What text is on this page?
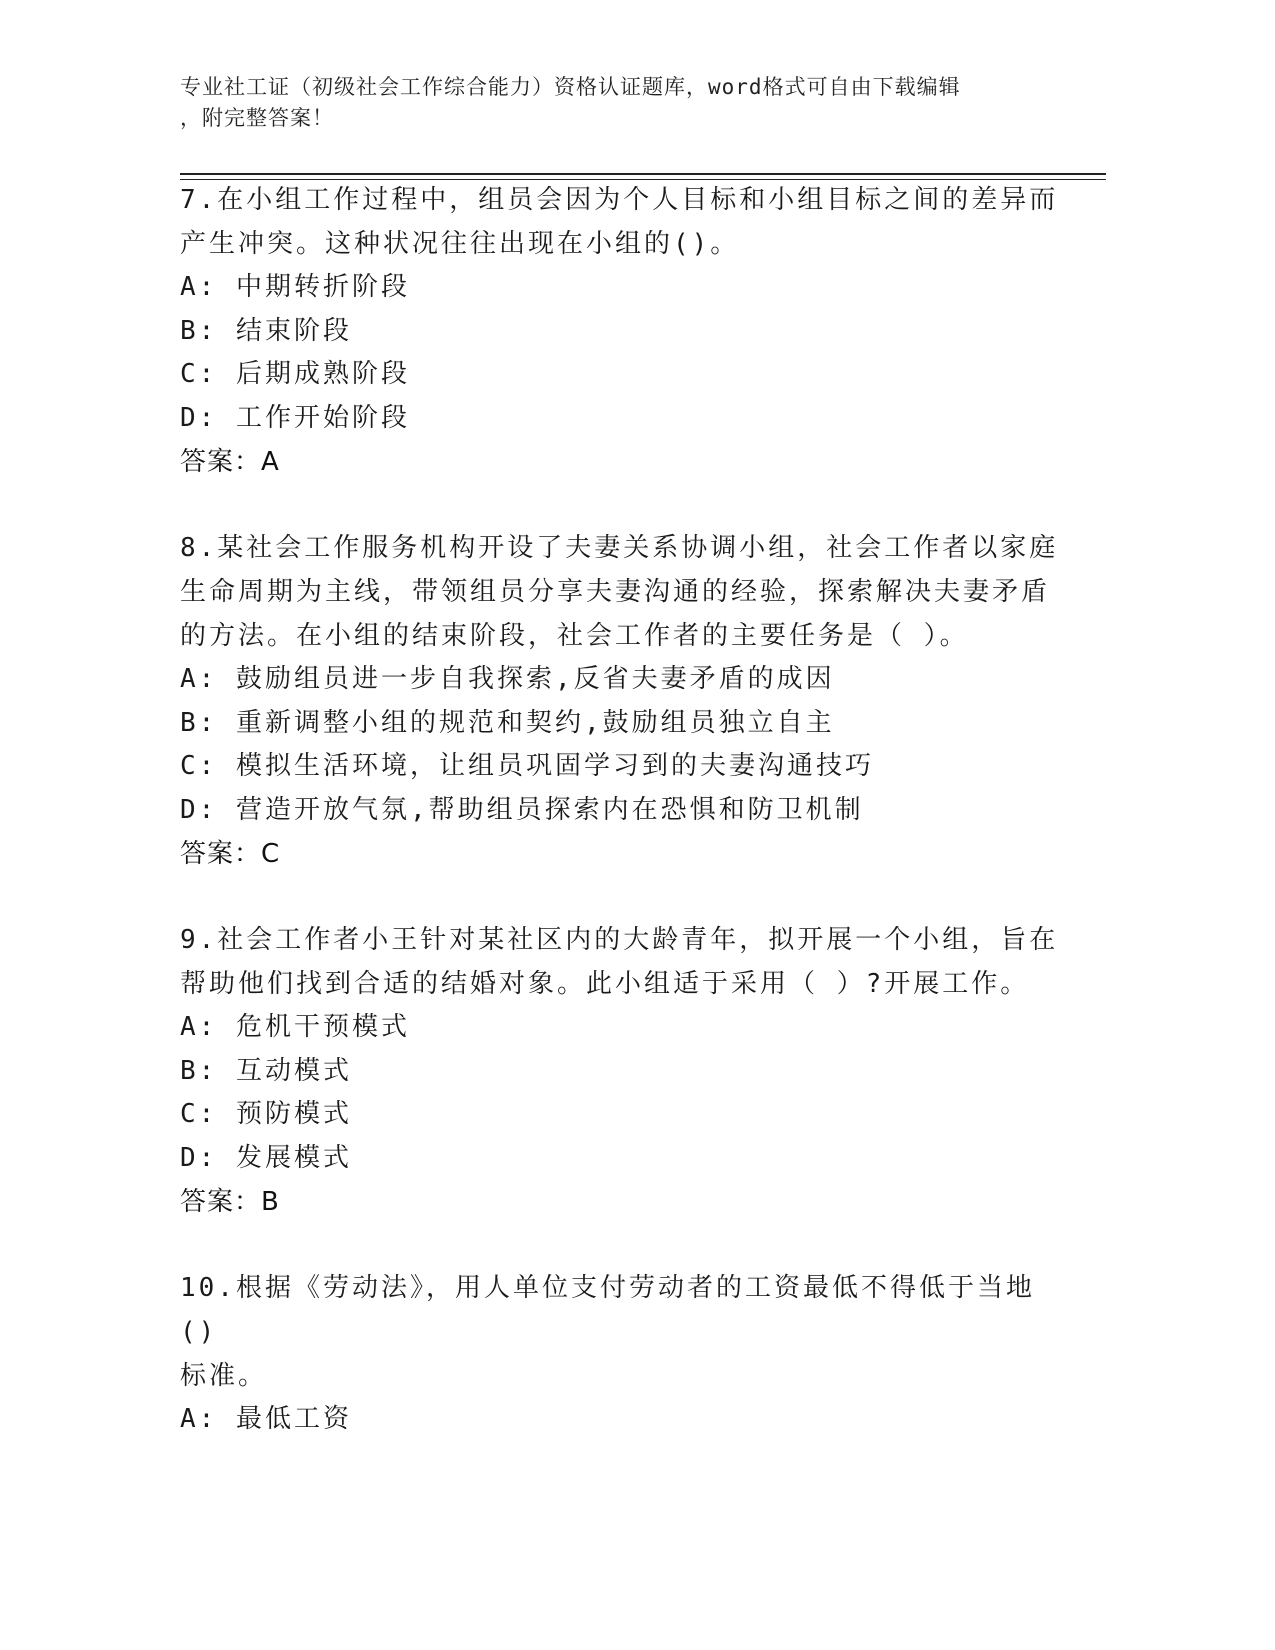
专业社工证（初级社会工作综合能力）资格认证题库，word格式可自由下载编辑
，附完整答案！
7.在小组工作过程中，组员会因为个人目标和小组目标之间的差异而
产生冲突。这种状况往往出现在小组的()。
A: 中期转折阶段
B: 结束阶段
C: 后期成熟阶段
D: 工作开始阶段
答案：A
8.某社会工作服务机构开设了夫妻关系协调小组，社会工作者以家庭
生命周期为主线，带领组员分享夫妻沟通的经验，探索解决夫妻矛盾
的方法。在小组的结束阶段，社会工作者的主要任务是（ ）。
A: 鼓励组员进一步自我探索,反省夫妻矛盾的成因
B: 重新调整小组的规范和契约,鼓励组员独立自主
C: 模拟生活环境，让组员巩固学习到的夫妻沟通技巧
D: 营造开放气氛,帮助组员探索内在恐惧和防卫机制
答案：C
9.社会工作者小王针对某社区内的大龄青年，拟开展一个小组，旨在
帮助他们找到合适的结婚对象。此小组适于采用（ ）?开展工作。
A: 危机干预模式
B: 互动模式
C: 预防模式
D: 发展模式
答案：B
10.根据《劳动法》，用人单位支付劳动者的工资最低不得低于当地()
标准。
A: 最低工资
